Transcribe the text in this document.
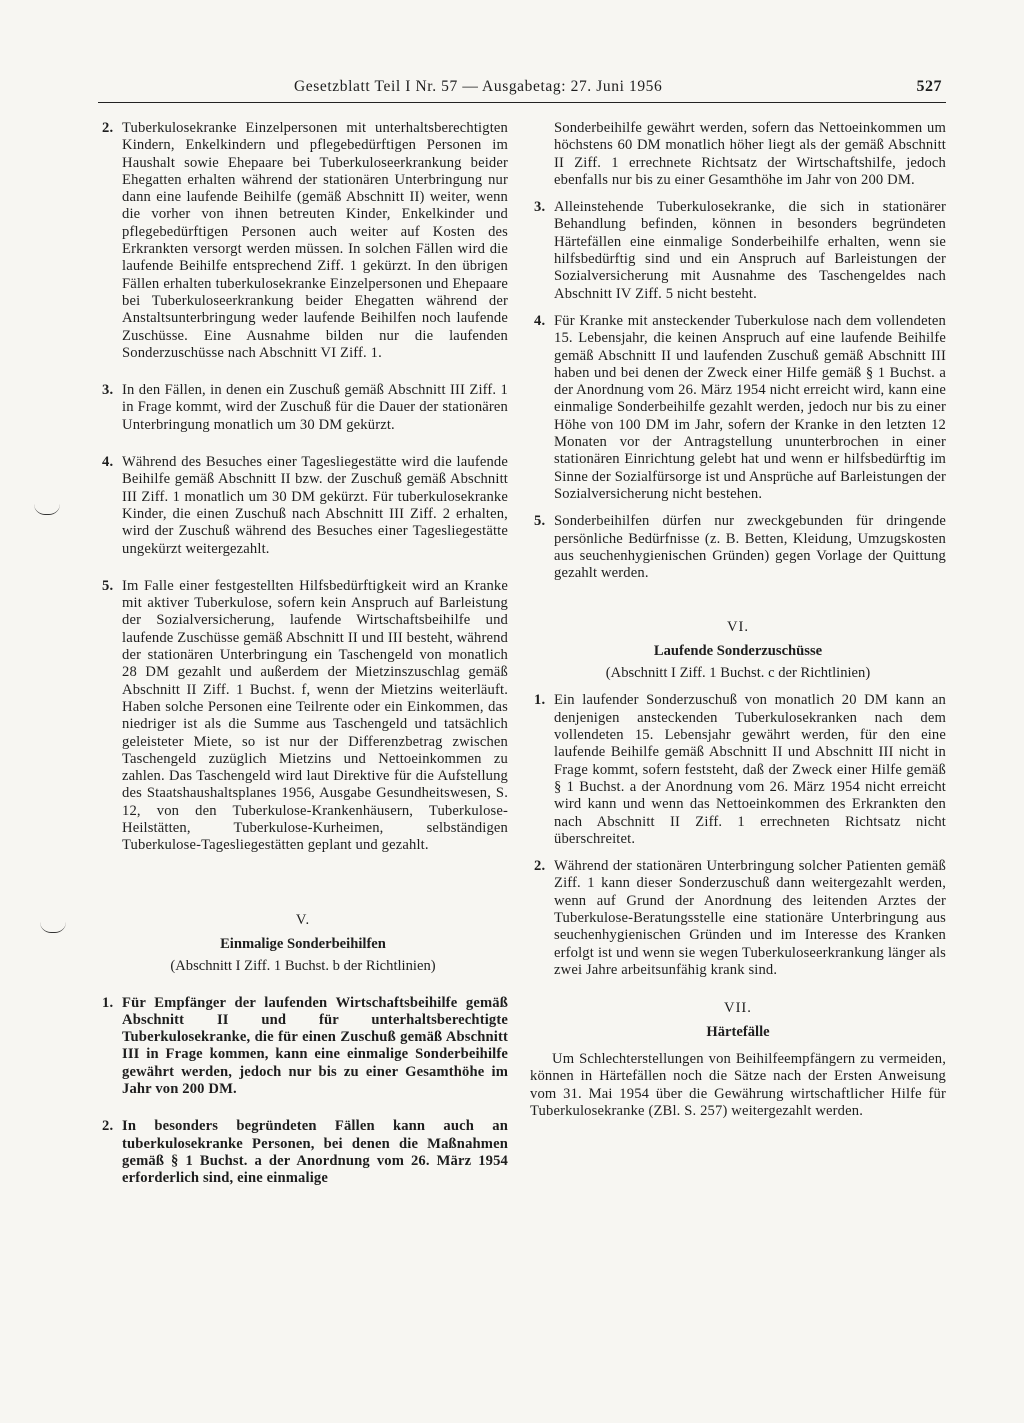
Gesetzblatt Teil I Nr. 57 — Ausgabetag: 27. Juni 1956	527
2. Tuberkulosekranke Einzelpersonen mit unterhaltsberechtigten Kindern, Enkelkindern und pflegebedürftigen Personen im Haushalt sowie Ehepaare bei Tuberkuloseerkrankung beider Ehegatten erhalten während der stationären Unterbringung nur dann eine laufende Beihilfe (gemäß Abschnitt II) weiter, wenn die vorher von ihnen betreuten Kinder, Enkelkinder und pflegebedürftigen Personen auch weiter auf Kosten des Erkrankten versorgt werden müssen. In solchen Fällen wird die laufende Beihilfe entsprechend Ziff. 1 gekürzt. In den übrigen Fällen erhalten tuberkulosekranke Einzelpersonen und Ehepaare bei Tuberkuloseerkrankung beider Ehegatten während der Anstaltsunterbringung weder laufende Beihilfen noch laufende Zuschüsse. Eine Ausnahme bilden nur die laufenden Sonderzuschüsse nach Abschnitt VI Ziff. 1.
3. In den Fällen, in denen ein Zuschuß gemäß Abschnitt III Ziff. 1 in Frage kommt, wird der Zuschuß für die Dauer der stationären Unterbringung monatlich um 30 DM gekürzt.
4. Während des Besuches einer Tagesliegestätte wird die laufende Beihilfe gemäß Abschnitt II bzw. der Zuschuß gemäß Abschnitt III Ziff. 1 monatlich um 30 DM gekürzt. Für tuberkulosekranke Kinder, die einen Zuschuß nach Abschnitt III Ziff. 2 erhalten, wird der Zuschuß während des Besuches einer Tagesliegestätte ungekürzt weitergezahlt.
5. Im Falle einer festgestellten Hilfsbedürftigkeit wird an Kranke mit aktiver Tuberkulose, sofern kein Anspruch auf Barleistung der Sozialversicherung, laufende Wirtschaftsbeihilfe und laufende Zuschüsse gemäß Abschnitt II und III besteht, während der stationären Unterbringung ein Taschengeld von monatlich 28 DM gezahlt und außerdem der Mietzinszuschlag gemäß Abschnitt II Ziff. 1 Buchst. f, wenn der Mietzins weiterläuft. Haben solche Personen eine Teilrente oder ein Einkommen, das niedriger ist als die Summe aus Taschengeld und tatsächlich geleisteter Miete, so ist nur der Differenzbetrag zwischen Taschengeld zuzüglich Mietzins und Nettoeinkommen zu zahlen. Das Taschengeld wird laut Direktive für die Aufstellung des Staatshaushaltsplanes 1956, Ausgabe Gesundheitswesen, S. 12, von den Tuberkulose-Krankenhäusern, Tuberkulose-Heilstätten, Tuberkulose-Kurheimen, selbständigen Tuberkulose-Tagesliegestätten geplant und gezahlt.
V.
Einmalige Sonderbeihilfen
(Abschnitt I Ziff. 1 Buchst. b der Richtlinien)
1. Für Empfänger der laufenden Wirtschaftsbeihilfe gemäß Abschnitt II und für unterhaltsberechtigte Tuberkulosekranke, die für einen Zuschuß gemäß Abschnitt III in Frage kommen, kann eine einmalige Sonderbeihilfe gewährt werden, jedoch nur bis zu einer Gesamthöhe im Jahr von 200 DM.
2. In besonders begründeten Fällen kann auch an tuberkulosekranke Personen, bei denen die Maßnahmen gemäß § 1 Buchst. a der Anordnung vom 26. März 1954 erforderlich sind, eine einmalige
Sonderbeihilfe gewährt werden, sofern das Nettoeinkommen um höchstens 60 DM monatlich höher liegt als der gemäß Abschnitt II Ziff. 1 errechnete Richtsatz der Wirtschaftshilfe, jedoch ebenfalls nur bis zu einer Gesamthöhe im Jahr von 200 DM.
3. Alleinstehende Tuberkulosekranke, die sich in stationärer Behandlung befinden, können in besonders begründeten Härtefällen eine einmalige Sonderbeihilfe erhalten, wenn sie hilfsbedürftig sind und ein Anspruch auf Barleistungen der Sozialversicherung mit Ausnahme des Taschengeldes nach Abschnitt IV Ziff. 5 nicht besteht.
4. Für Kranke mit ansteckender Tuberkulose nach dem vollendeten 15. Lebensjahr, die keinen Anspruch auf eine laufende Beihilfe gemäß Abschnitt II und laufenden Zuschuß gemäß Abschnitt III haben und bei denen der Zweck einer Hilfe gemäß § 1 Buchst. a der Anordnung vom 26. März 1954 nicht erreicht wird, kann eine einmalige Sonderbeihilfe gezahlt werden, jedoch nur bis zu einer Höhe von 100 DM im Jahr, sofern der Kranke in den letzten 12 Monaten vor der Antragstellung ununterbrochen in einer stationären Einrichtung gelebt hat und wenn er hilfsbedürftig im Sinne der Sozialfürsorge ist und Ansprüche auf Barleistungen der Sozialversicherung nicht bestehen.
5. Sonderbeihilfen dürfen nur zweckgebunden für dringende persönliche Bedürfnisse (z. B. Betten, Kleidung, Umzugskosten aus seuchenhygienischen Gründen) gegen Vorlage der Quittung gezahlt werden.
VI.
Laufende Sonderzuschüsse
(Abschnitt I Ziff. 1 Buchst. c der Richtlinien)
1. Ein laufender Sonderzuschuß von monatlich 20 DM kann an denjenigen ansteckenden Tuberkulosekranken nach dem vollendeten 15. Lebensjahr gewährt werden, für den eine laufende Beihilfe gemäß Abschnitt II und Abschnitt III nicht in Frage kommt, sofern feststeht, daß der Zweck einer Hilfe gemäß § 1 Buchst. a der Anordnung vom 26. März 1954 nicht erreicht wird kann und wenn das Nettoeinkommen des Erkrankten den nach Abschnitt II Ziff. 1 errechneten Richtsatz nicht überschreitet.
2. Während der stationären Unterbringung solcher Patienten gemäß Ziff. 1 kann dieser Sonderzuschuß dann weitergezahlt werden, wenn auf Grund der Anordnung des leitenden Arztes der Tuberkulose-Beratungsstelle eine stationäre Unterbringung aus seuchenhygienischen Gründen und im Interesse des Kranken erfolgt ist und wenn sie wegen Tuberkuloseerkrankung länger als zwei Jahre arbeitsunfähig krank sind.
VII.
Härtefälle
Um Schlechterstellungen von Beihilfeempfängern zu vermeiden, können in Härtefällen noch die Sätze nach der Ersten Anweisung vom 31. Mai 1954 über die Gewährung wirtschaftlicher Hilfe für Tuberkulosekranke (ZBl. S. 257) weitergezahlt werden.
